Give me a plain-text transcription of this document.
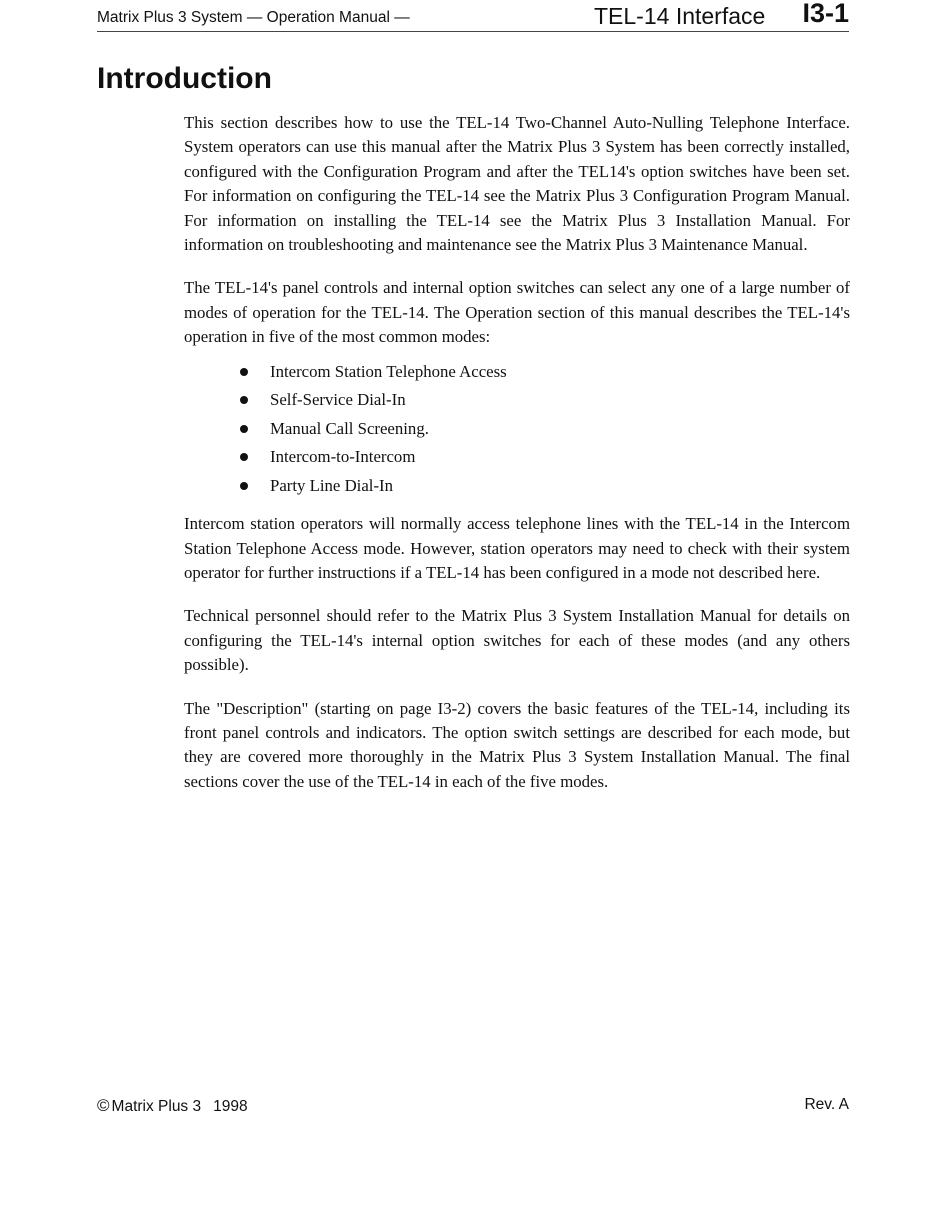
Matrix Plus 3 System — Operation Manual —	TEL-14 Interface I3-1
Introduction

This section describes how to use the TEL-14 Two-Channel Auto-Nulling Telephone Interface. System operators can use this manual after the Matrix Plus 3 System has been correctly installed, configured with the Configuration Program and after the TEL14's option switches have been set. For information on configuring the TEL-14 see the Matrix Plus 3 Configuration Program Manual. For information on installing the TEL-14 see the Matrix Plus 3 Installation Manual. For information on troubleshooting and maintenance see the Matrix Plus 3 Maintenance Manual.

The TEL-14's panel controls and internal option switches can select any one of a large number of modes of operation for the TEL-14. The Operation section of this manual describes the TEL-14's operation in five of the most common modes:

Intercom Station Telephone Access
Self-Service Dial-In
Manual Call Screening.
Intercom-to-Intercom
Party Line Dial-In

Intercom station operators will normally access telephone lines with the TEL-14 in the Intercom Station Telephone Access mode. However, station operators may need to check with their system operator for further instructions if a TEL-14 has been configured in a mode not described here.

Technical personnel should refer to the Matrix Plus 3 System Installation Manual for details on configuring the TEL-14's internal option switches for each of these modes (and any others possible).

The "Description" (starting on page I3-2) covers the basic features of the TEL-14, including its front panel controls and indicators. The option switch settings are described for each mode, but they are covered more thoroughly in the Matrix Plus 3 System Installation Manual. The final sections cover the use of the TEL-14 in each of the five modes.

© Matrix Plus 3 1998	Rev. A
